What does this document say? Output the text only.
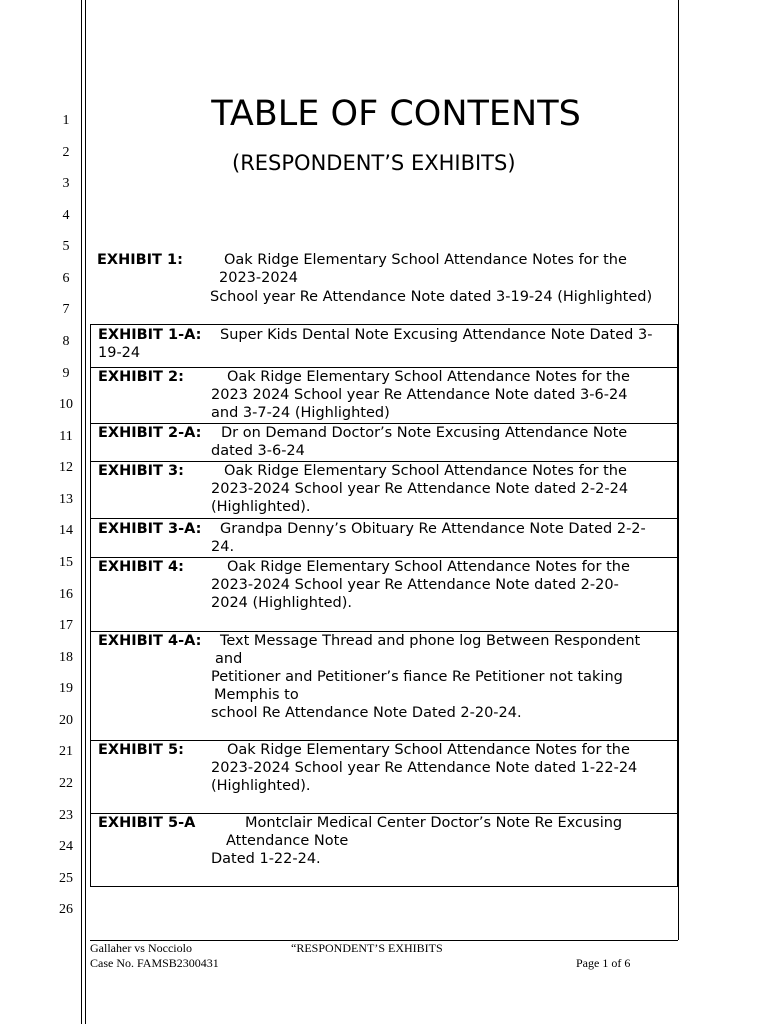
1
2
3
4
5
6
7
8
9
10
11
12
13
14
15
16
17
18
19
20
21
22
23
24
25
26
TABLE OF CONTENTS
(RESPONDENT’S EXHIBITS)
EXHIBIT 1:	Oak Ridge Elementary School Attendance Notes for the
2023-2024
School year Re Attendance Note dated 3-19-24 (Highlighted)
EXHIBIT 1-A: Super Kids Dental Note Excusing Attendance Note Dated 3-
19-24
EXHIBIT 2:	Oak Ridge Elementary School Attendance Notes for the
2023 2024 School year Re Attendance Note dated 3-6-24
and 3-7-24 (Highlighted)
EXHIBIT 2-A: Dr on Demand Doctor’s Note Excusing Attendance Note
dated 3-6-24
EXHIBIT 3:	Oak Ridge Elementary School Attendance Notes for the
2023-2024 School year Re Attendance Note dated 2-2-24
(Highlighted).
EXHIBIT 3-A: Grandpa Denny’s Obituary Re Attendance Note Dated 2-2-
24.
EXHIBIT 4:	Oak Ridge Elementary School Attendance Notes for the
2023-2024 School year Re Attendance Note dated 2-20-
2024 (Highlighted).
EXHIBIT 4-A: Text Message Thread and phone log Between Respondent
and
Petitioner and Petitioner’s fiance Re Petitioner not taking
Memphis to
school Re Attendance Note Dated 2-20-24.
EXHIBIT 5:	Oak Ridge Elementary School Attendance Notes for the
2023-2024 School year Re Attendance Note dated 1-22-24
(Highlighted).
EXHIBIT 5-A	Montclair Medical Center Doctor’s Note Re Excusing
Attendance Note
Dated 1-22-24.
Gallaher vs Nocciolo	“RESPONDENT’S EXHIBITS
Case No. FAMSB2300431	Page 1 of 6
